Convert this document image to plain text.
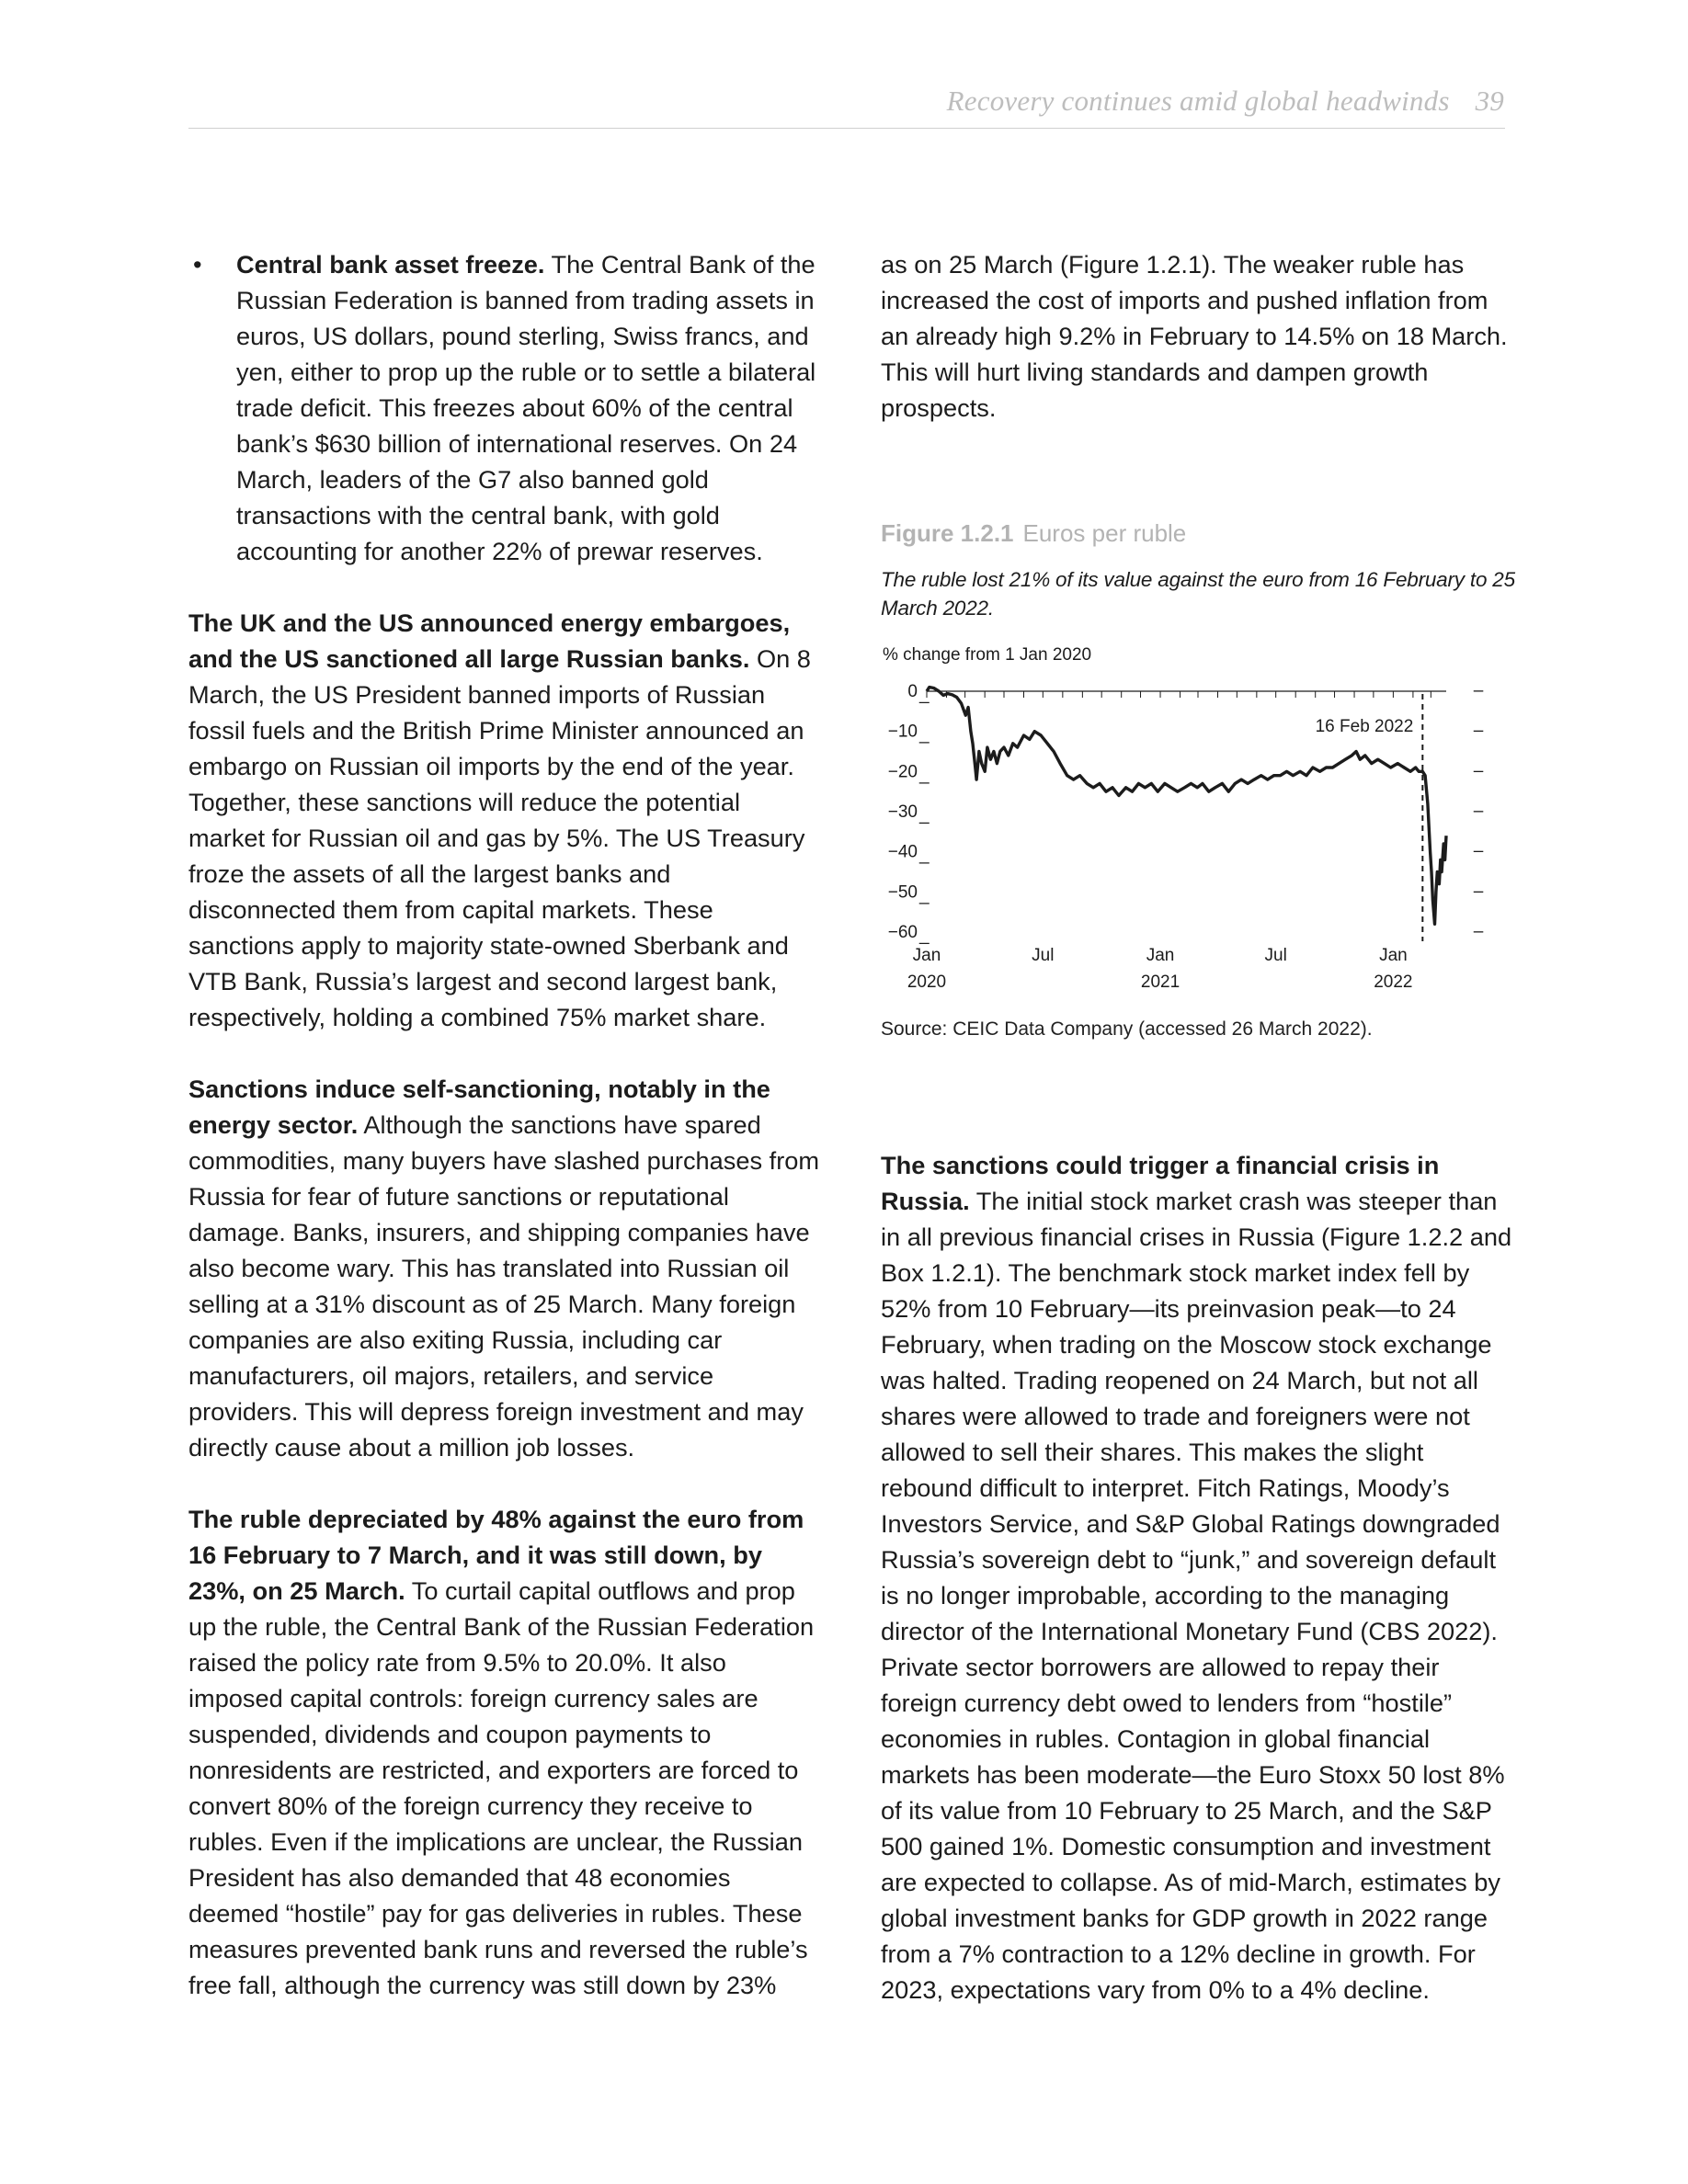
Recovery continues amid global headwinds 39

• Central bank asset freeze. The Central Bank of the Russian Federation is banned from trading assets in euros, US dollars, pound sterling, Swiss francs, and yen, either to prop up the ruble or to settle a bilateral trade deficit. This freezes about 60% of the central bank’s $630 billion of international reserves. On 24 March, leaders of the G7 also banned gold transactions with the central bank, with gold accounting for another 22% of prewar reserves.

The UK and the US announced energy embargoes, and the US sanctioned all large Russian banks. On 8 March, the US President banned imports of Russian fossil fuels and the British Prime Minister announced an embargo on Russian oil imports by the end of the year. Together, these sanctions will reduce the potential market for Russian oil and gas by 5%. The US Treasury froze the assets of all the largest banks and disconnected them from capital markets. These sanctions apply to majority state-owned Sberbank and VTB Bank, Russia’s largest and second largest bank, respectively, holding a combined 75% market share.

Sanctions induce self-sanctioning, notably in the energy sector. Although the sanctions have spared commodities, many buyers have slashed purchases from Russia for fear of future sanctions or reputational damage. Banks, insurers, and shipping companies have also become wary. This has translated into Russian oil selling at a 31% discount as of 25 March. Many foreign companies are also exiting Russia, including car manufacturers, oil majors, retailers, and service providers. This will depress foreign investment and may directly cause about a million job losses.

The ruble depreciated by 48% against the euro from 16 February to 7 March, and it was still down, by 23%, on 25 March. To curtail capital outflows and prop up the ruble, the Central Bank of the Russian Federation raised the policy rate from 9.5% to 20.0%. It also imposed capital controls: foreign currency sales are suspended, dividends and coupon payments to nonresidents are restricted, and exporters are forced to convert 80% of the foreign currency they receive to rubles. Even if the implications are unclear, the Russian President has also demanded that 48 economies deemed “hostile” pay for gas deliveries in rubles. These measures prevented bank runs and reversed the ruble’s free fall, although the currency was still down by 23%

as on 25 March (Figure 1.2.1). The weaker ruble has increased the cost of imports and pushed inflation from an already high 9.2% in February to 14.5% on 18 March. This will hurt living standards and dampen growth prospects.

Figure 1.2.1 Euros per ruble
The ruble lost 21% of its value against the euro from 16 February to 25 March 2022.
% change from 1 Jan 2020
0 _	–
−10 _	–
−20 _	–
−30 _	–
−40 _	–
−50 _	–
−60 _	–
Jan
2020
Jul	Jan
2021
Jul	Jan
2022
16 Feb 2022
Source: CEIC Data Company (accessed 26 March 2022).

The sanctions could trigger a financial crisis in Russia. The initial stock market crash was steeper than in all previous financial crises in Russia (Figure 1.2.2 and Box 1.2.1). The benchmark stock market index fell by 52% from 10 February—its preinvasion peak—to 24 February, when trading on the Moscow stock exchange was halted. Trading reopened on 24 March, but not all shares were allowed to trade and foreigners were not allowed to sell their shares. This makes the slight rebound difficult to interpret. Fitch Ratings, Moody’s Investors Service, and S&P Global Ratings downgraded Russia’s sovereign debt to “junk,” and sovereign default is no longer improbable, according to the managing director of the International Monetary Fund (CBS 2022). Private sector borrowers are allowed to repay their foreign currency debt owed to lenders from “hostile” economies in rubles. Contagion in global financial markets has been moderate—the Euro Stoxx 50 lost 8% of its value from 10 February to 25 March, and the S&P 500 gained 1%. Domestic consumption and investment are expected to collapse. As of mid-March, estimates by global investment banks for GDP growth in 2022 range from a 7% contraction to a 12% decline in growth. For 2023, expectations vary from 0% to a 4% decline.
